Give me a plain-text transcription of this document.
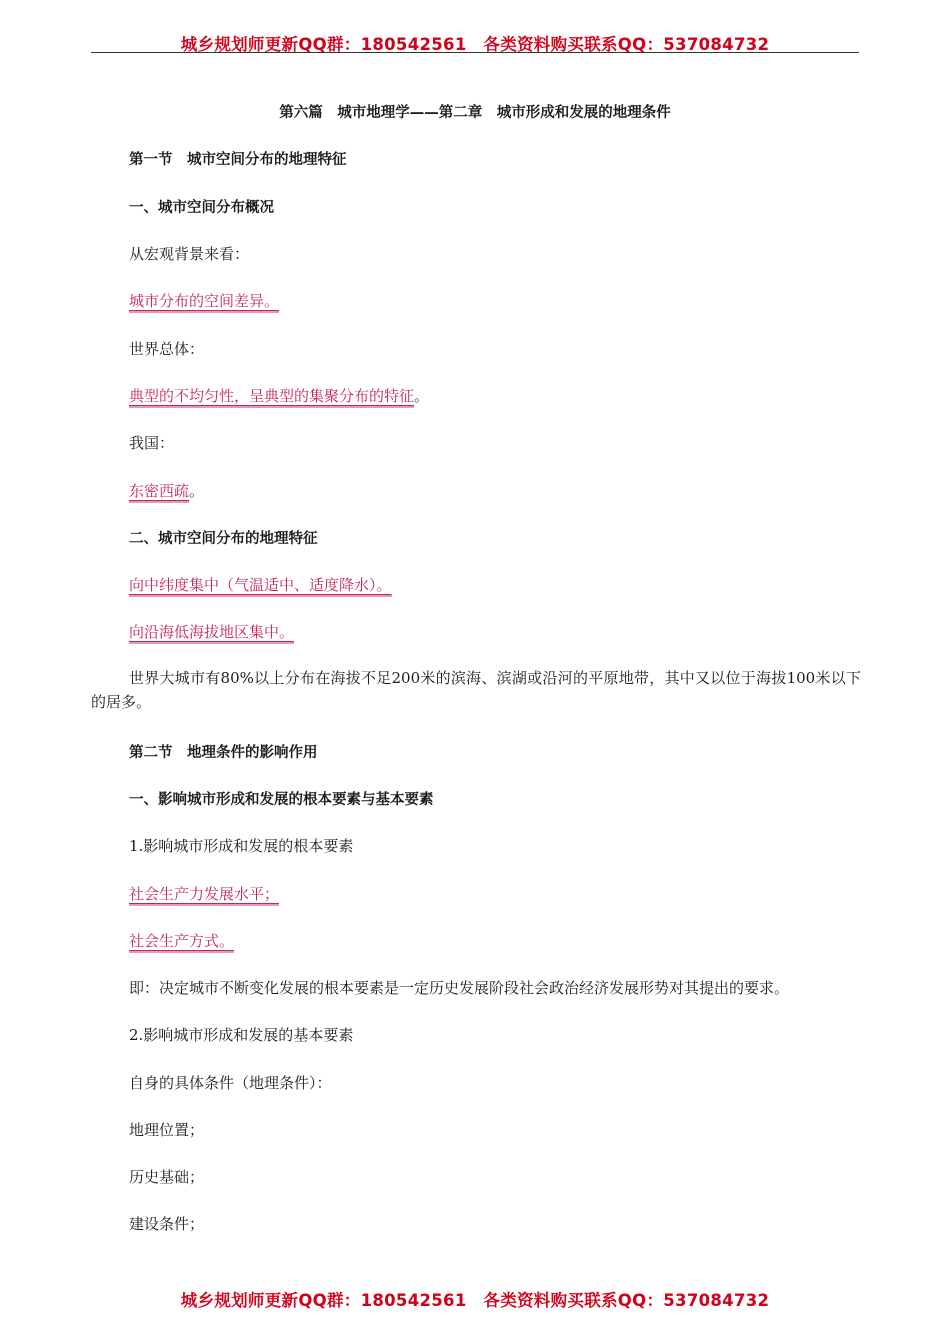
城乡规划师更新QQ群：180542561　各类资料购买联系QQ：537084732
第六篇　城市地理学——第二章　城市形成和发展的地理条件
第一节　城市空间分布的地理特征
一、城市空间分布概况
从宏观背景来看：
城市分布的空间差异。
世界总体：
典型的不均匀性，呈典型的集聚分布的特征。
我国：
东密西疏。
二、城市空间分布的地理特征
向中纬度集中（气温适中、适度降水）。
向沿海低海拔地区集中。
世界大城市有80%以上分布在海拔不足200米的滨海、滨湖或沿河的平原地带，其中又以位于海拔100米以下的居多。
第二节　地理条件的影响作用
一、影响城市形成和发展的根本要素与基本要素
1.影响城市形成和发展的根本要素
社会生产力发展水平；
社会生产方式。
即：决定城市不断变化发展的根本要素是一定历史发展阶段社会政治经济发展形势对其提出的要求。
2.影响城市形成和发展的基本要素
自身的具体条件（地理条件）：
地理位置；
历史基础；
建设条件；
城乡规划师更新QQ群：180542561　各类资料购买联系QQ：537084732
